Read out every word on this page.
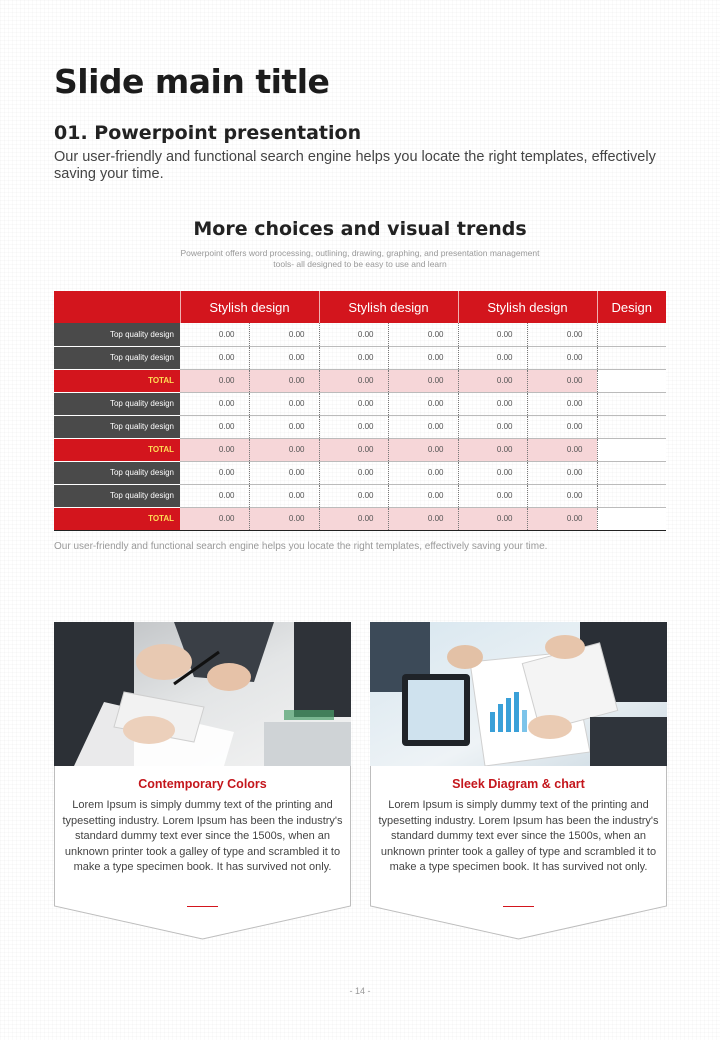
Slide main title
01. Powerpoint presentation
Our user-friendly and functional search engine helps you locate the right templates, effectively saving your time.
More choices and visual trends
Powerpoint offers word processing, outlining, drawing, graphing, and presentation management tools- all designed to be easy to use and learn
	Stylish design		Stylish design		Stylish design		Design
Top quality design	0.00	0.00	0.00	0.00	0.00	0.00	
Top quality design	0.00	0.00	0.00	0.00	0.00	0.00	
TOTAL	0.00	0.00	0.00	0.00	0.00	0.00	
Top quality design	0.00	0.00	0.00	0.00	0.00	0.00	
Top quality design	0.00	0.00	0.00	0.00	0.00	0.00	
TOTAL	0.00	0.00	0.00	0.00	0.00	0.00	
Top quality design	0.00	0.00	0.00	0.00	0.00	0.00	
Top quality design	0.00	0.00	0.00	0.00	0.00	0.00	
TOTAL	0.00	0.00	0.00	0.00	0.00	0.00	
Our user-friendly and functional search engine helps you locate the right templates, effectively saving your time.
Contemporary Colors
Lorem Ipsum is simply dummy text of the printing and typesetting industry. Lorem Ipsum has been the industry's standard dummy text ever since the 1500s, when an unknown printer took a galley of type and scrambled it to make a type specimen book. It has survived not only.
Sleek Diagram & chart
Lorem Ipsum is simply dummy text of the printing and typesetting industry. Lorem Ipsum has been the industry's standard dummy text ever since the 1500s, when an unknown printer took a galley of type and scrambled it to make a type specimen book. It has survived not only.
- 14 -
